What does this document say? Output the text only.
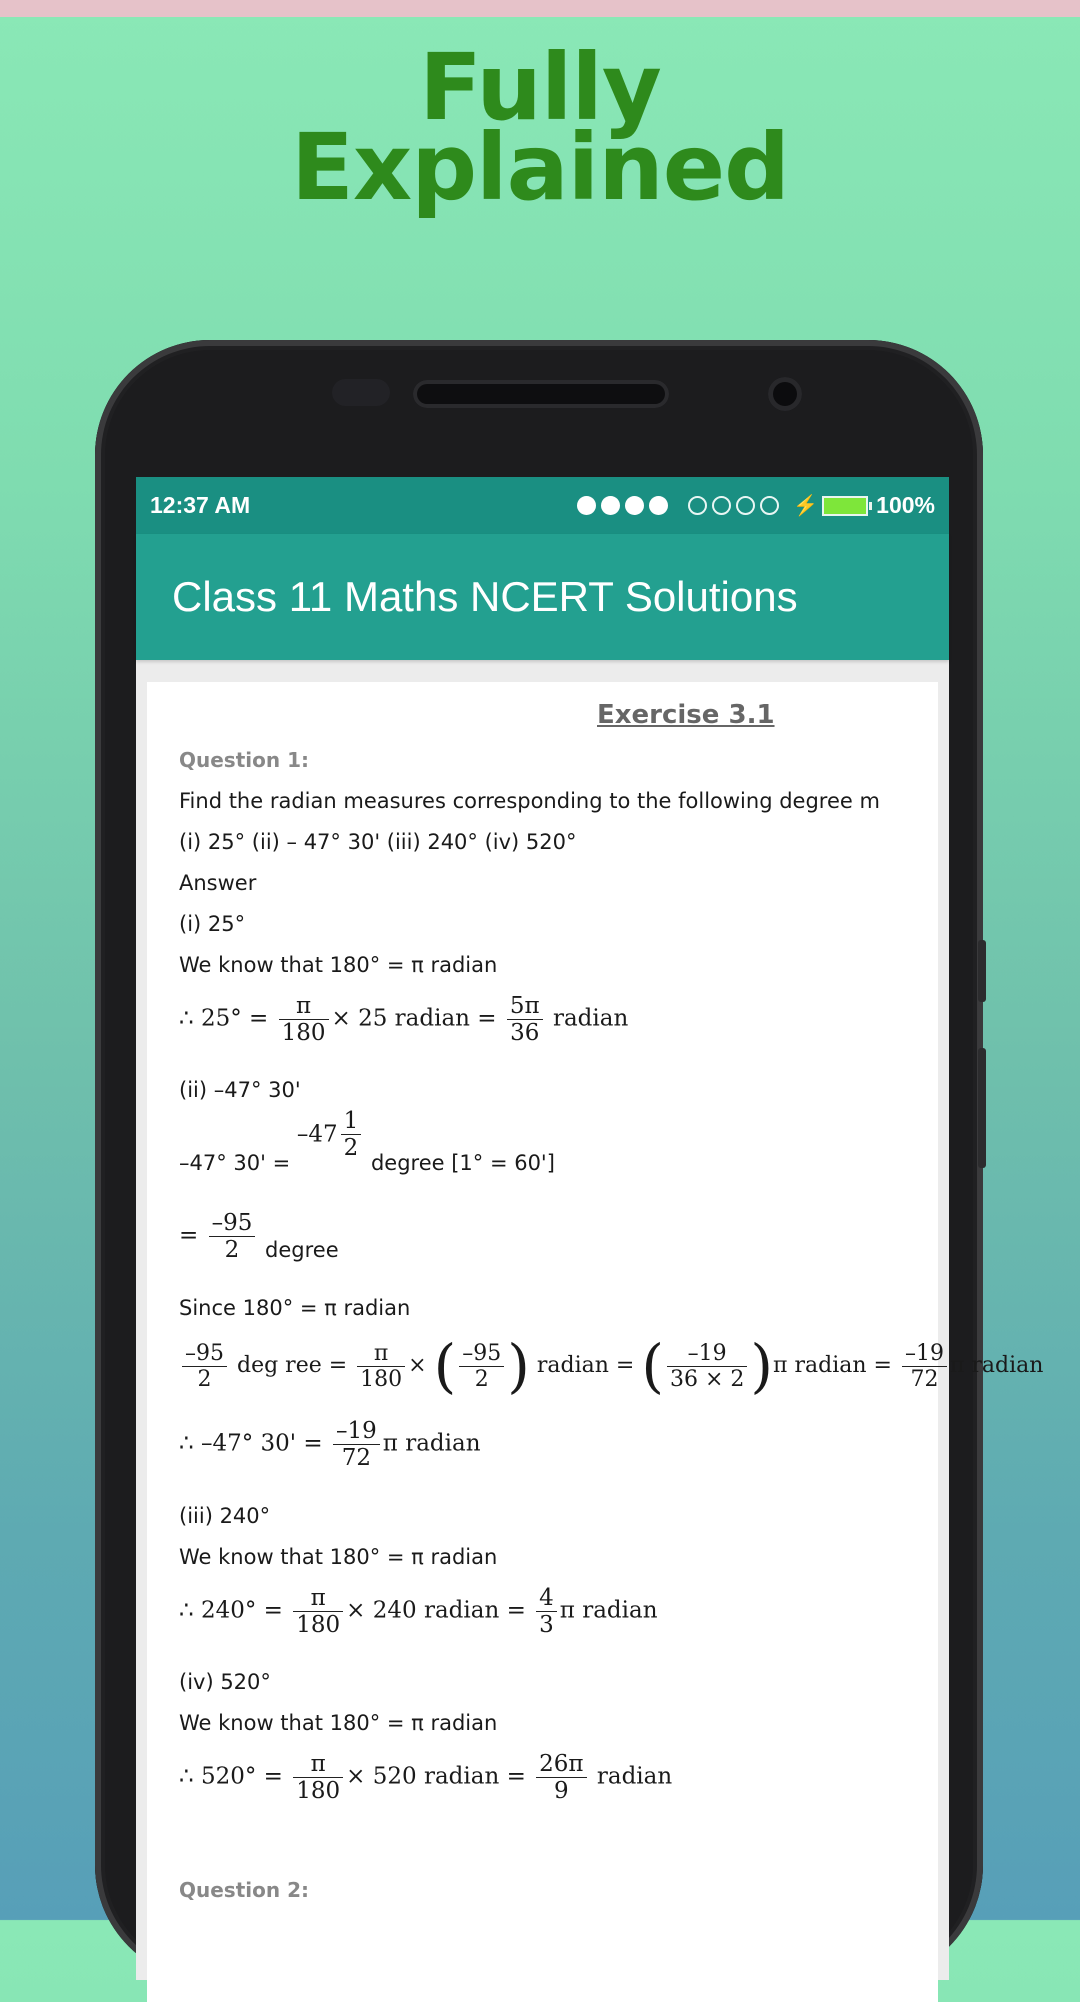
Fully
Explained
12:37 AM	⚡	100%
Class 11 Maths NCERT Solutions
Exercise 3.1
Question 1:
Find the radian measures corresponding to the following degree m
(i) 25° (ii) – 47° 30' (iii) 240° (iv) 520°
Answer
(i) 25°
We know that 180° = π radian
∴ $25^\circ = \frac{\pi}{180} \times 25$ radian = $\frac{5\pi}{36}$ radian
(ii) –47° 30'
–47° $30' = -47 \frac{1}{2}$
degree [1° = 60']
= $\frac{-95}{2}$ degree
Since 180° = π radian
$\frac{-95}{2}$ deg ree = $\frac{\pi}{180}$ × ( $\frac{-95}{2}$ ) radian = ( $\frac{-19}{36 \times 2} )\pi$ radian = $\frac{-19}{72}$ π radian
∴ –47° $30' = \frac{-19}{72}$ π radian
(iii) 240°
We know that 180° = π radian
∴ $240^\circ = \frac{\pi}{180} \times 240$ radian = $\frac{4}{3}$ π radian
(iv) 520°
We know that 180° = π radian
∴ $520^\circ = \frac{\pi}{180} \times 520$ radian = $\frac{26\pi}{9}$ radian
Question 2:
